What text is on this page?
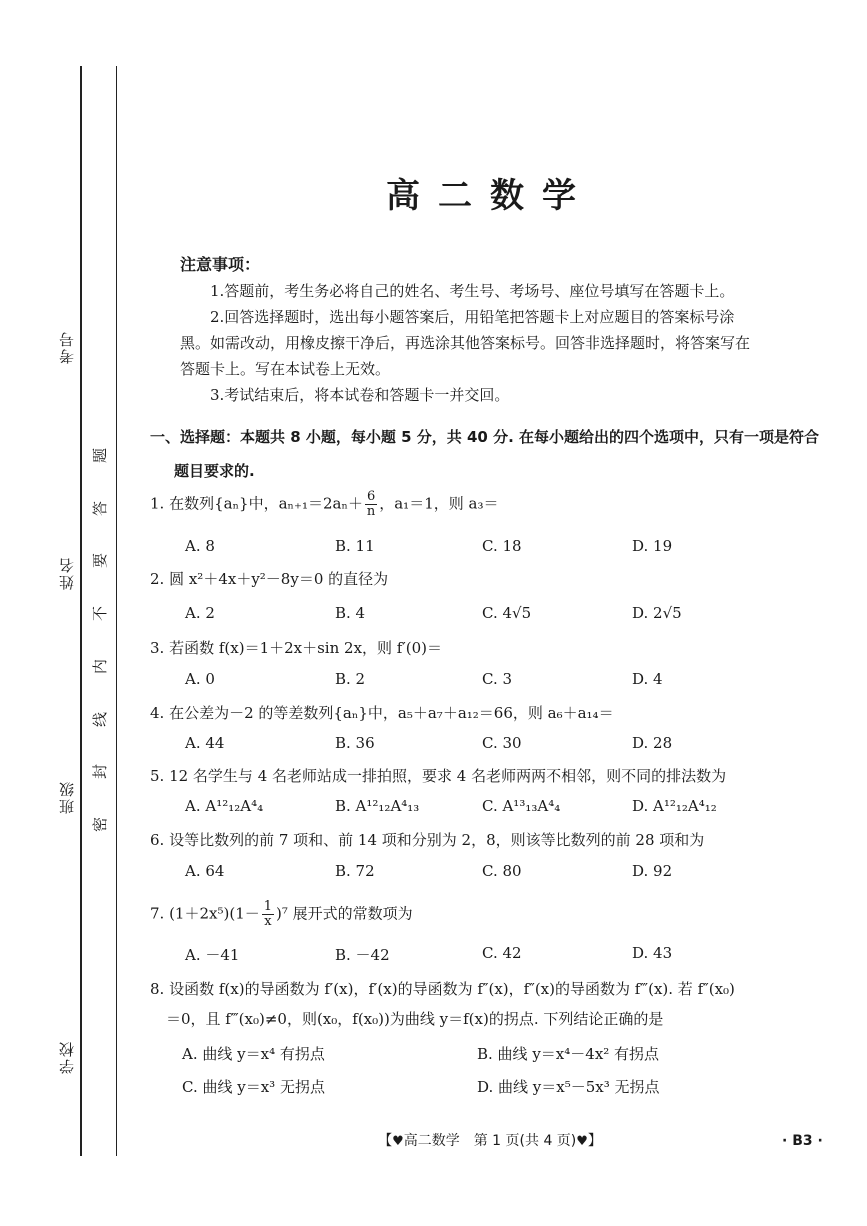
考号
姓名
班级
学校
题
答
要
不
内
线
封
密
高二数学
注意事项：

1.答题前，考生务必将自己的姓名、考生号、考场号、座位号填写在答题卡上。

2.回答选择题时，选出每小题答案后，用铅笔把答题卡上对应题目的答案标号涂

黑。如需改动，用橡皮擦干净后，再选涂其他答案标号。回答非选择题时，将答案写在

答题卡上。写在本试卷上无效。

3.考试结束后，将本试卷和答题卡一并交回。

一、选择题：本题共 8 小题，每小题 5 分，共 40 分. 在每小题给出的四个选项中，只有一项是符合
题目要求的.
1. 在数列{aₙ}中，$a_{n+1}=2a_n+ \frac{6}{n}$ ，a₁＝1，则 a₃＝
A. 8	B. 11	C. 18	D. 19
2. 圆 x²＋4x＋y²－8y＝0 的直径为
A. 2	B. 4	C. 4√5	D. 2√5
3. 若函数 f(x)＝1＋2x＋sin 2x，则 f′(0)＝
A. 0	B. 2	C. 3	D. 4
4. 在公差为－2 的等差数列{aₙ}中，a₅＋a₇＋a₁₂＝66，则 a₆＋a₁₄＝
A. 44	B. 36	C. 30	D. 28
5. 12 名学生与 4 名老师站成一排拍照，要求 4 名老师两两不相邻，则不同的排法数为
A. A¹²₁₂A⁴₄	B. A¹²₁₂A⁴₁₃	C. A¹³₁₃A⁴₄	D. A¹²₁₂A⁴₁₂
6. 设等比数列的前 7 项和、前 14 项和分别为 2，8，则该等比数列的前 28 项和为
A. 64	B. 72	C. 80	D. 92
7. $(1+2x^5)(1- \frac{1}{x} )^7$ 展开式的常数项为
A. －41	B. －42	C. 42	D. 43
8. 设函数 f(x)的导函数为 f′(x)，f′(x)的导函数为 f″(x)，f″(x)的导函数为 f‴(x). 若 f″(x₀)
＝0，且 f‴(x₀)≠0，则(x₀，f(x₀))为曲线 y＝f(x)的拐点. 下列结论正确的是
A. 曲线 y＝x⁴ 有拐点	B. 曲线 y＝x⁴－4x² 有拐点
C. 曲线 y＝x³ 无拐点	D. 曲线 y＝x⁵－5x³ 无拐点
【♥高二数学　第 1 页(共 4 页)♥】	· B3 ·
